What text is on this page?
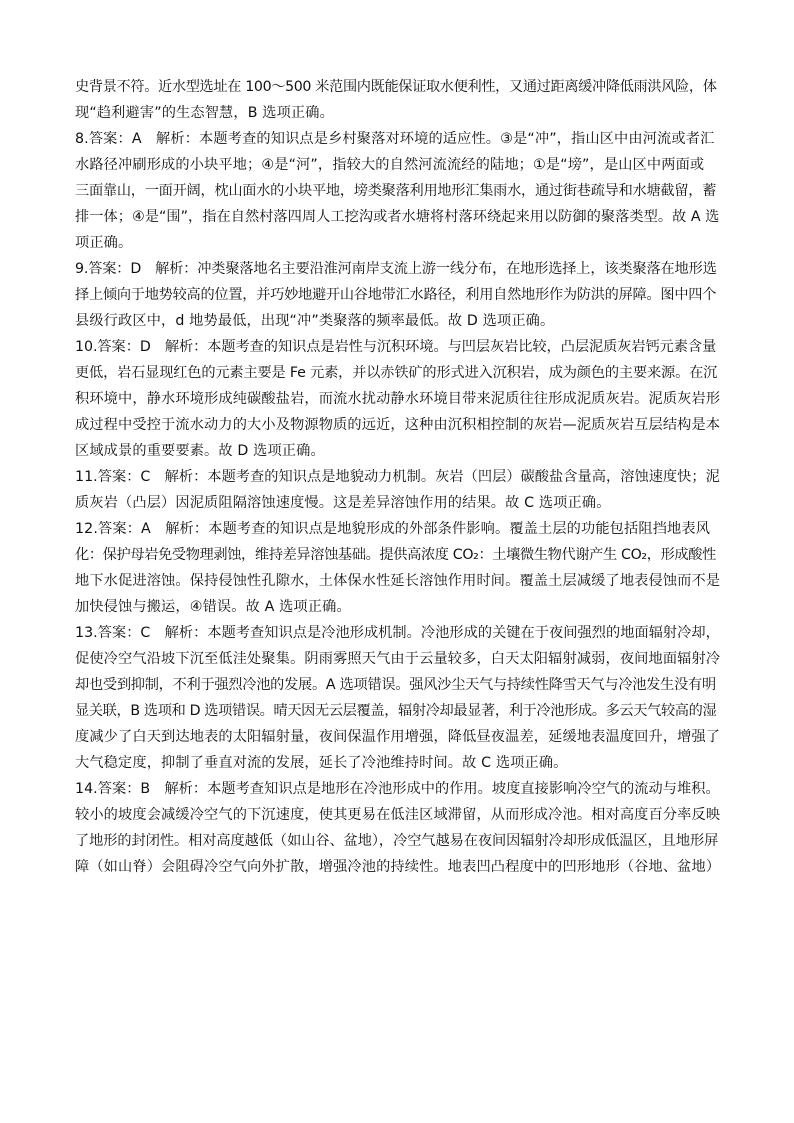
史背景不符。近水型选址在 100～500 米范围内既能保证取水便利性，又通过距离缓冲降低雨洪风险，体
现“趋利避害”的生态智慧，B 选项正确。
8.答案：A　解析：本题考查的知识点是乡村聚落对环境的适应性。③是“冲”，指山区中由河流或者汇
水路径冲刷形成的小块平地；④是“河”，指较大的自然河流流经的陆地；①是“塝”，是山区中两面或
三面靠山，一面开阔，枕山面水的小块平地，塝类聚落利用地形汇集雨水，通过街巷疏导和水塘截留，蓄
排一体；④是“围”，指在自然村落四周人工挖沟或者水塘将村落环绕起来用以防御的聚落类型。故 A 选
项正确。
9.答案：D　解析：冲类聚落地名主要沿淮河南岸支流上游一线分布，在地形选择上，该类聚落在地形选
择上倾向于地势较高的位置，并巧妙地避开山谷地带汇水路径，利用自然地形作为防洪的屏障。图中四个
县级行政区中，d 地势最低，出现“冲”类聚落的频率最低。故 D 选项正确。
10.答案：D　解析：本题考查的知识点是岩性与沉积环境。与凹层灰岩比较，凸层泥质灰岩钙元素含量
更低，岩石显现红色的元素主要是 Fe 元素，并以赤铁矿的形式进入沉积岩，成为颜色的主要来源。在沉
积环境中，静水环境形成纯碳酸盐岩，而流水扰动静水环境目带来泥质往往形成泥质灰岩。泥质灰岩形
成过程中受控于流水动力的大小及物源物质的远近，这种由沉积相控制的灰岩—泥质灰岩互层结构是本
区域成景的重要要素。故 D 选项正确。
11.答案：C　解析：本题考查的知识点是地貌动力机制。灰岩（凹层）碳酸盐含量高，溶蚀速度快；泥
质灰岩（凸层）因泥质阻隔溶蚀速度慢。这是差异溶蚀作用的结果。故 C 选项正确。
12.答案：A　解析：本题考查的知识点是地貌形成的外部条件影响。覆盖土层的功能包括阻挡地表风
化：保护母岩免受物理剥蚀，维持差异溶蚀基础。提供高浓度 CO₂：土壤微生物代谢产生 CO₂，形成酸性
地下水促进溶蚀。保持侵蚀性孔隙水，土体保水性延长溶蚀作用时间。覆盖土层减缓了地表侵蚀而不是
加快侵蚀与搬运，④错误。故 A 选项正确。
13.答案：C　解析：本题考查知识点是冷池形成机制。冷池形成的关键在于夜间强烈的地面辐射冷却，
促使冷空气沿坡下沉至低洼处聚集。阴雨雾照天气由于云量较多，白天太阳辐射减弱，夜间地面辐射冷
却也受到抑制，不利于强烈冷池的发展。A 选项错误。强风沙尘天气与持续性降雪天气与冷池发生没有明
显关联，B 选项和 D 选项错误。晴天因无云层覆盖，辐射冷却最显著，利于冷池形成。多云天气较高的湿
度减少了白天到达地表的太阳辐射量，夜间保温作用增强，降低昼夜温差，延缓地表温度回升，增强了
大气稳定度，抑制了垂直对流的发展，延长了冷池维持时间。故 C 选项正确。
14.答案：B　解析：本题考查知识点是地形在冷池形成中的作用。坡度直接影响冷空气的流动与堆积。
较小的坡度会减缓冷空气的下沉速度，使其更易在低洼区域滞留，从而形成冷池。相对高度百分率反映
了地形的封闭性。相对高度越低（如山谷、盆地），冷空气越易在夜间因辐射冷却形成低温区，且地形屏
障（如山脊）会阻碍冷空气向外扩散，增强冷池的持续性。地表凹凸程度中的凹形地形（谷地、盆地）
